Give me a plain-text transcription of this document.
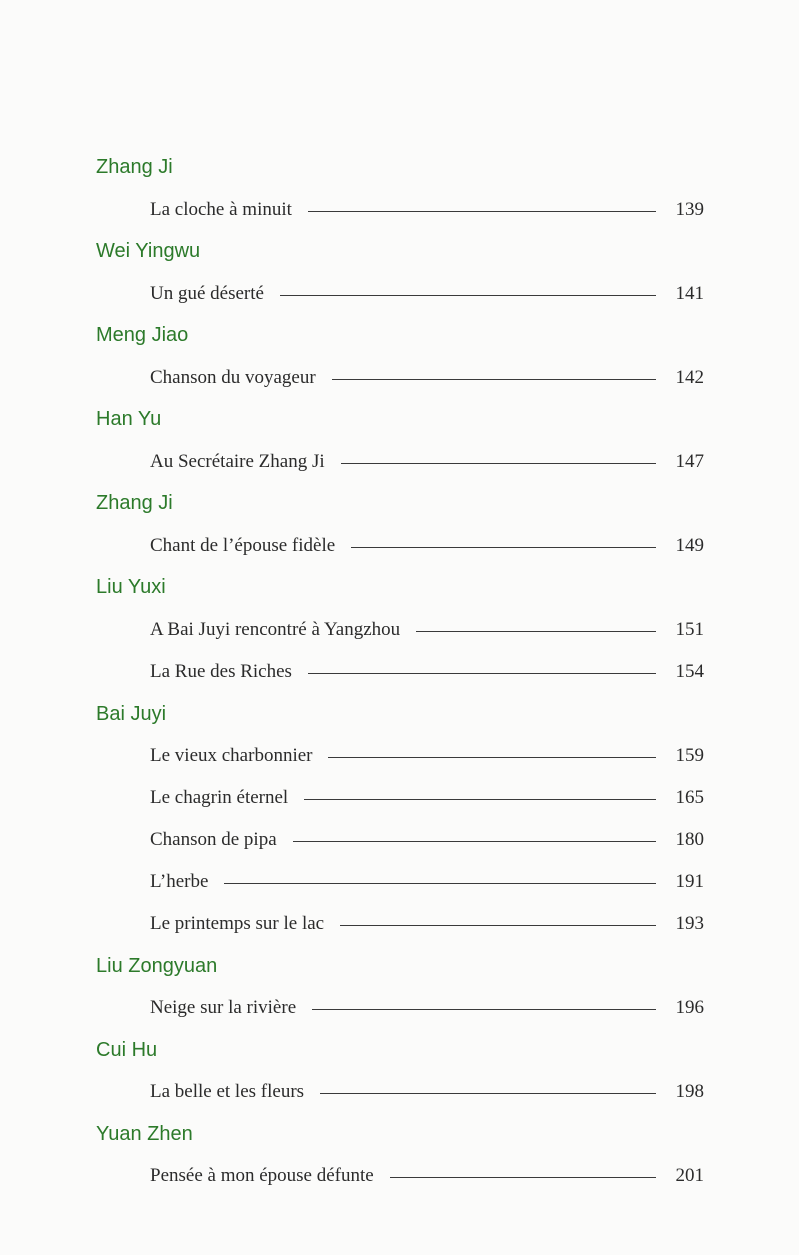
Zhang Ji
La cloche à minuit	139
Wei Yingwu
Un gué déserté	141
Meng Jiao
Chanson du voyageur	142
Han Yu
Au Secrétaire Zhang Ji	147
Zhang Ji
Chant de l’épouse fidèle	149
Liu Yuxi
A Bai Juyi rencontré à Yangzhou	151
La Rue des Riches	154
Bai Juyi
Le vieux charbonnier	159
Le chagrin éternel	165
Chanson de pipa	180
L’herbe	191
Le printemps sur le lac	193
Liu Zongyuan
Neige sur la rivière	196
Cui Hu
La belle et les fleurs	198
Yuan Zhen
Pensée à mon épouse défunte	201
